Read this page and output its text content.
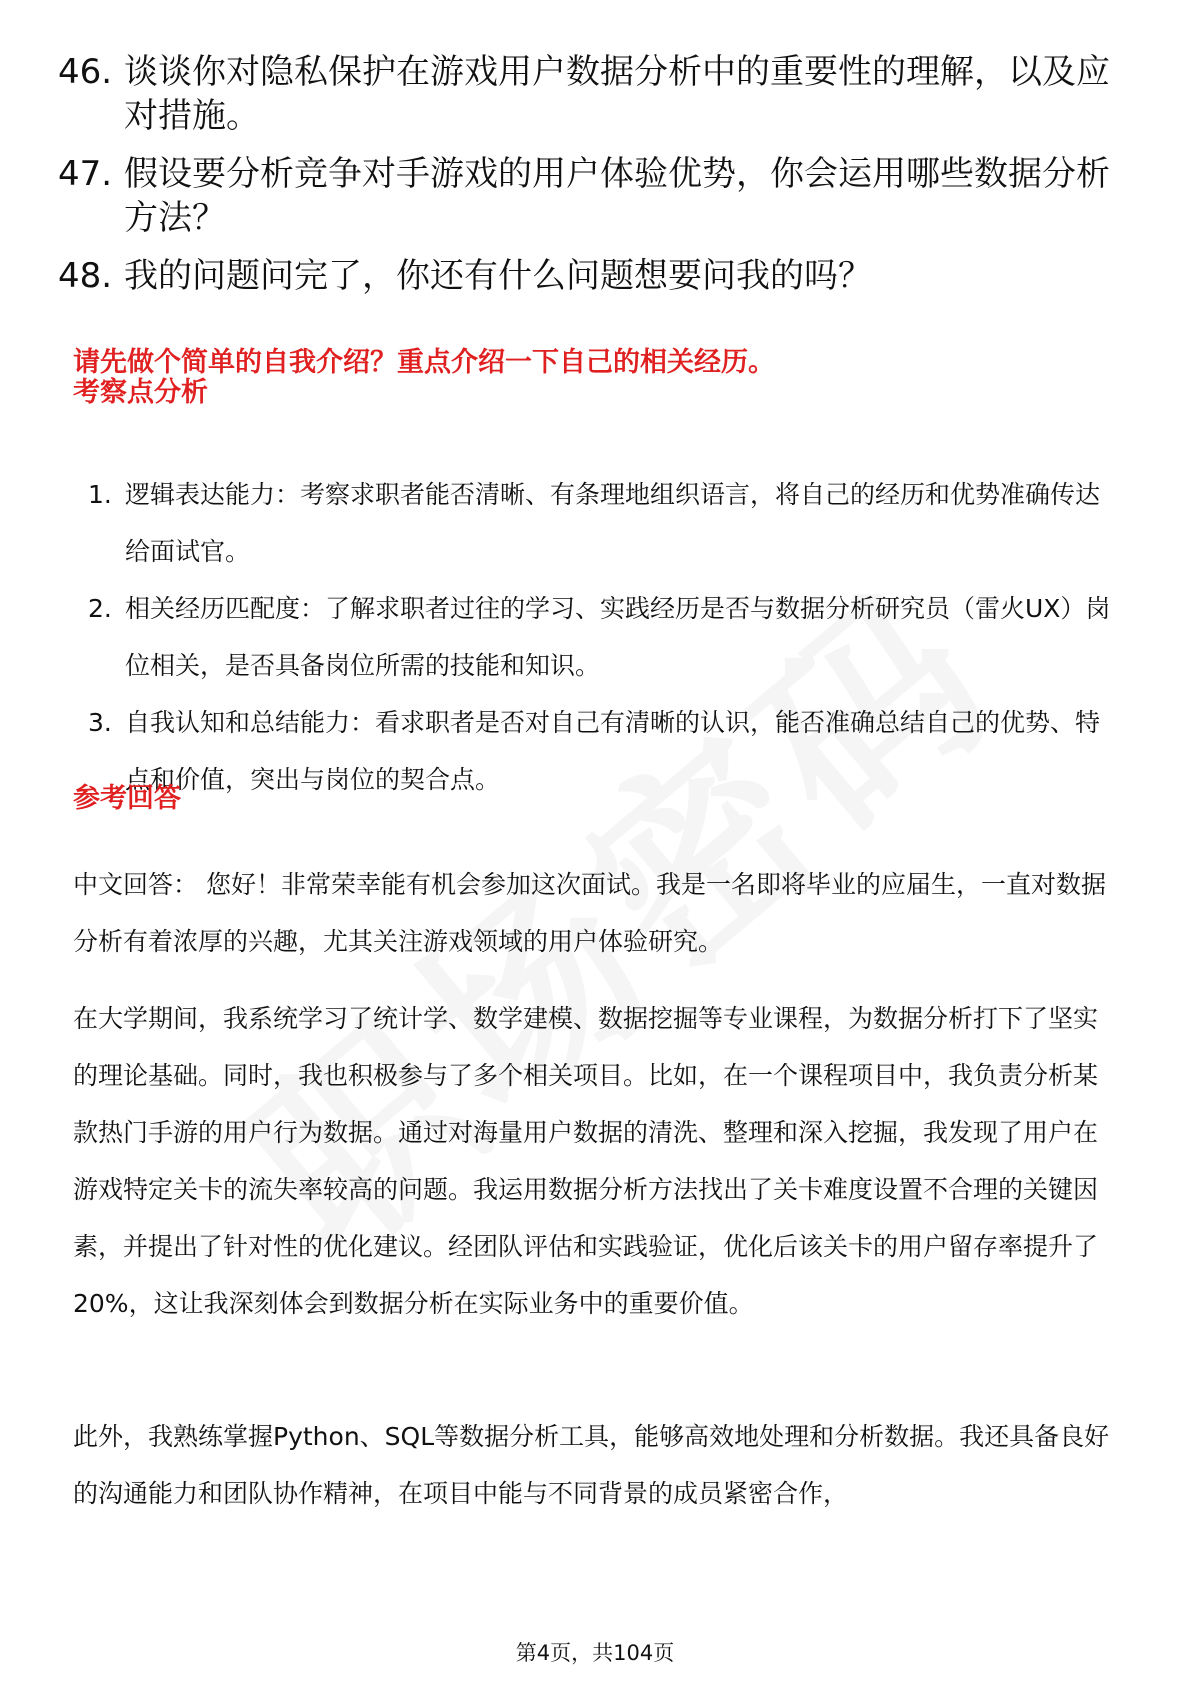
46. 谈谈你对隐私保护在游戏用户数据分析中的重要性的理解，以及应对措施。
47. 假设要分析竞争对手游戏的用户体验优势，你会运用哪些数据分析方法？
48. 我的问题问完了，你还有什么问题想要问我的吗？
请先做个简单的自我介绍？重点介绍一下自己的相关经历。
考察点分析
1. 逻辑表达能力：考察求职者能否清晰、有条理地组织语言，将自己的经历和优势准确传达给面试官。
2. 相关经历匹配度：了解求职者过往的学习、实践经历是否与数据分析研究员（雷火UX）岗位相关，是否具备岗位所需的技能和知识。
3. 自我认知和总结能力：看求职者是否对自己有清晰的认识，能否准确总结自己的优势、特点和价值，突出与岗位的契合点。
参考回答

中文回答： 您好！非常荣幸能有机会参加这次面试。我是一名即将毕业的应届生，一直对数据分析有着浓厚的兴趣，尤其关注游戏领域的用户体验研究。

在大学期间，我系统学习了统计学、数学建模、数据挖掘等专业课程，为数据分析打下了坚实的理论基础。同时，我也积极参与了多个相关项目。比如，在一个课程项目中，我负责分析某款热门手游的用户行为数据。通过对海量用户数据的清洗、整理和深入挖掘，我发现了用户在游戏特定关卡的流失率较高的问题。我运用数据分析方法找出了关卡难度设置不合理的关键因素，并提出了针对性的优化建议。经团队评估和实践验证，优化后该关卡的用户留存率提升了20%，这让我深刻体会到数据分析在实际业务中的重要价值。

此外，我熟练掌握Python、SQL等数据分析工具，能够高效地处理和分析数据。我还具备良好的沟通能力和团队协作精神，在项目中能与不同背景的成员紧密合作，

第4页，共104页
